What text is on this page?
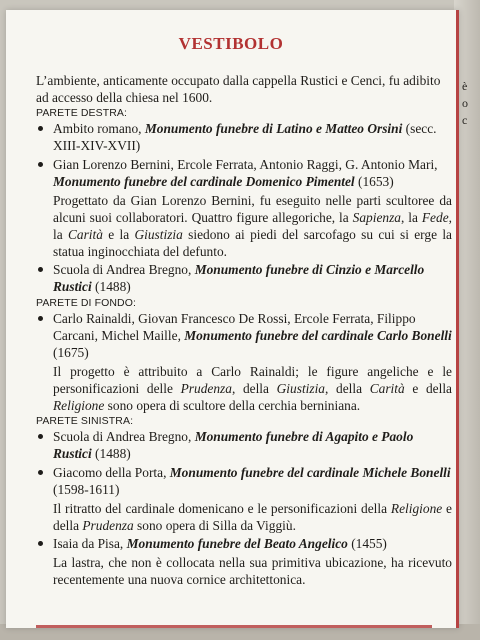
è
o
c
VESTIBOLO

L’ambiente, anticamente occupato dalla cappella Rustici e Cenci, fu adibito ad accesso della chiesa nel 1600.

PARETE DESTRA:
Ambito romano, Monumento funebre di Latino e Matteo Orsini (secc. XIII-XIV-XVII)
Gian Lorenzo Bernini, Ercole Ferrata, Antonio Raggi, G. Antonio Mari, Monumento funebre del cardinale Domenico Pimentel (1653)

Progettato da Gian Lorenzo Bernini, fu eseguito nelle parti scultoree da alcuni suoi collaboratori. Quattro figure allegoriche, la Sapienza, la Fede, la Carità e la Giustizia siedono ai piedi del sarcofago su cui si erge la statua inginocchiata del defunto.

Scuola di Andrea Bregno, Monumento funebre di Cinzio e Marcello Rustici (1488)
PARETE DI FONDO:
Carlo Rainaldi, Giovan Francesco De Rossi, Ercole Ferrata, Filippo Carcani, Michel Maille, Monumento funebre del cardinale Carlo Bonelli (1675)

Il progetto è attribuito a Carlo Rainaldi; le figure angeliche e le personificazioni delle Prudenza, della Giustizia, della Carità e della Religione sono opera di scultore della cerchia berniniana.

PARETE SINISTRA:
Scuola di Andrea Bregno, Monumento funebre di Agapito e Paolo Rustici (1488)
Giacomo della Porta, Monumento funebre del cardinale Michele Bonelli (1598-1611)

Il ritratto del cardinale domenicano e le personificazioni della Religione e della Prudenza sono opera di Silla da Viggiù.

Isaia da Pisa, Monumento funebre del Beato Angelico (1455)

La lastra, che non è collocata nella sua primitiva ubicazione, ha ricevuto recentemente una nuova cornice architettonica.
